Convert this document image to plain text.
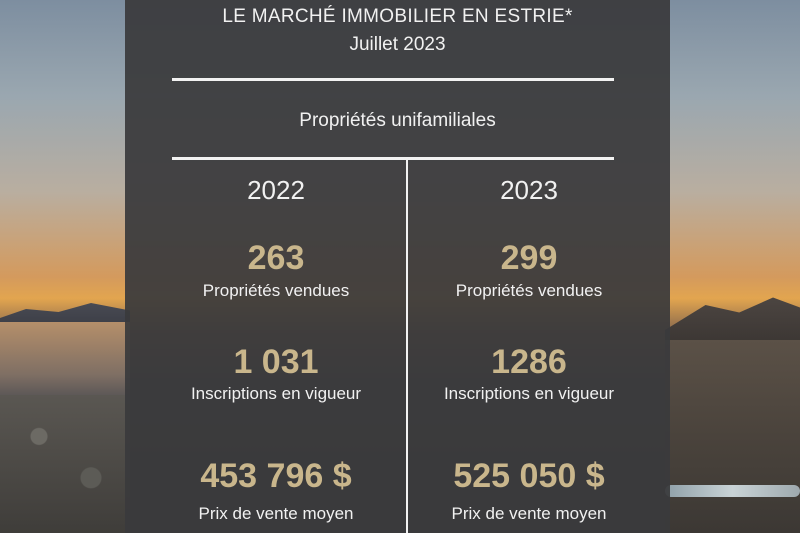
LE MARCHÉ IMMOBILIER EN ESTRIE*
Juillet 2023
Propriétés unifamiliales
2022
263
Propriétés vendues
1 031
Inscriptions en vigueur
453 796 $
Prix de vente moyen
2023
299
Propriétés vendues
1286
Inscriptions en vigueur
525 050 $
Prix de vente moyen
